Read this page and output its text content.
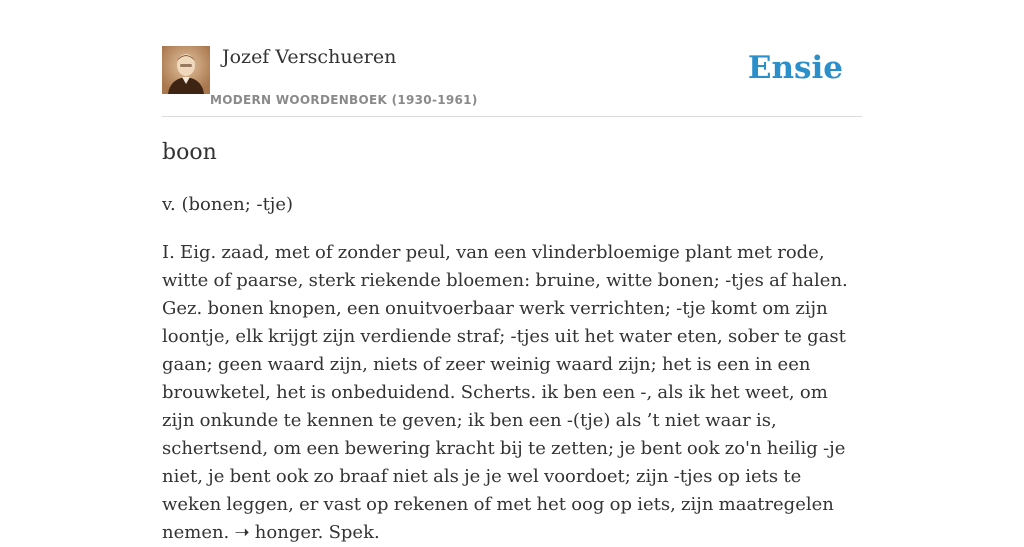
Jozef Verschueren
MODERN WOORDENBOEK (1930-1961)
Ensie
boon

v. (bonen; -tje)

I. Eig. zaad, met of zonder peul, van een vlinderbloemige plant met rode, witte of paarse, sterk riekende bloemen: bruine, witte bonen; -tjes af halen. Gez. bonen knopen, een onuitvoerbaar werk verrichten; -tje komt om zijn loontje, elk krijgt zijn verdiende straf; -tjes uit het water eten, sober te gast gaan; geen waard zijn, niets of zeer weinig waard zijn; het is een in een brouwketel, het is onbeduidend. Scherts. ik ben een -, als ik het weet, om zijn onkunde te kennen te geven; ik ben een -(tje) als ’t niet waar is, schertsend, om een bewering kracht bij te zetten; je bent ook zo'n heilig -je niet, je bent ook zo braaf niet als je je wel voordoet; zijn -tjes op iets te weken leggen, er vast op rekenen of met het oog op iets, zijn maatregelen nemen. ➝ honger. Spek.
